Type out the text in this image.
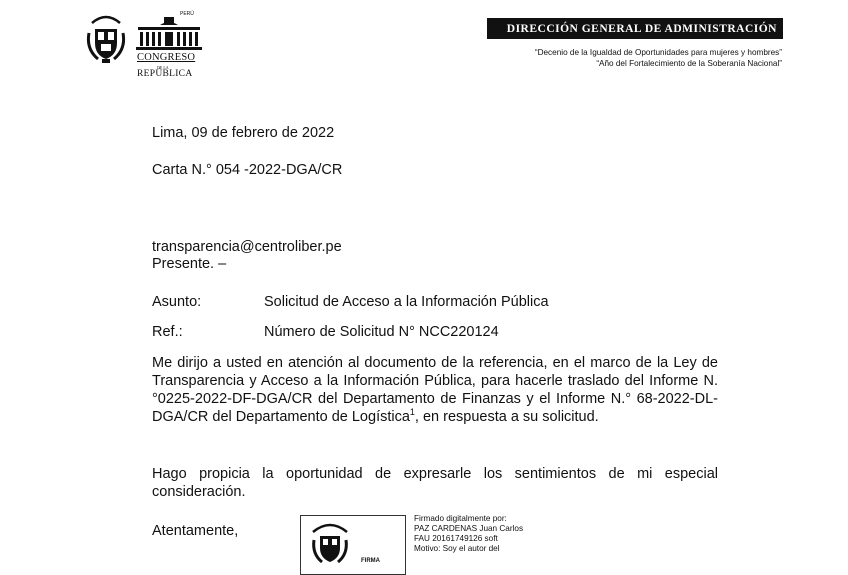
PERÚ
CONGRESO
DE LA
REPÚBLICA
DIRECCIÓN GENERAL DE ADMINISTRACIÓN
“Decenio de la Igualdad de Oportunidades para mujeres y hombres”
“Año del Fortalecimiento de la Soberanía Nacional”
Lima, 09 de febrero de 2022
Carta N.° 054 -2022-DGA/CR
transparencia@centroliber.pe
Presente. –
Asunto:	Solicitud de Acceso a la Información Pública
Ref.:	Número de Solicitud N° NCC220124
Me dirijo a usted en atención al documento de la referencia, en el marco de la Ley de Transparencia y Acceso a la Información Pública, para hacerle traslado del Informe N.°0225-2022-DF-DGA/CR del Departamento de Finanzas y el Informe N.° 68-2022-DL-DGA/CR del Departamento de Logística$^1$, en respuesta a su solicitud.
Hago propicia la oportunidad de expresarle los sentimientos de mi especial consideración.
Atentamente,
FIRMA
Firmado digitalmente por:
PAZ CARDENAS Juan Carlos
FAU 20161749126 soft
Motivo: Soy el autor del
